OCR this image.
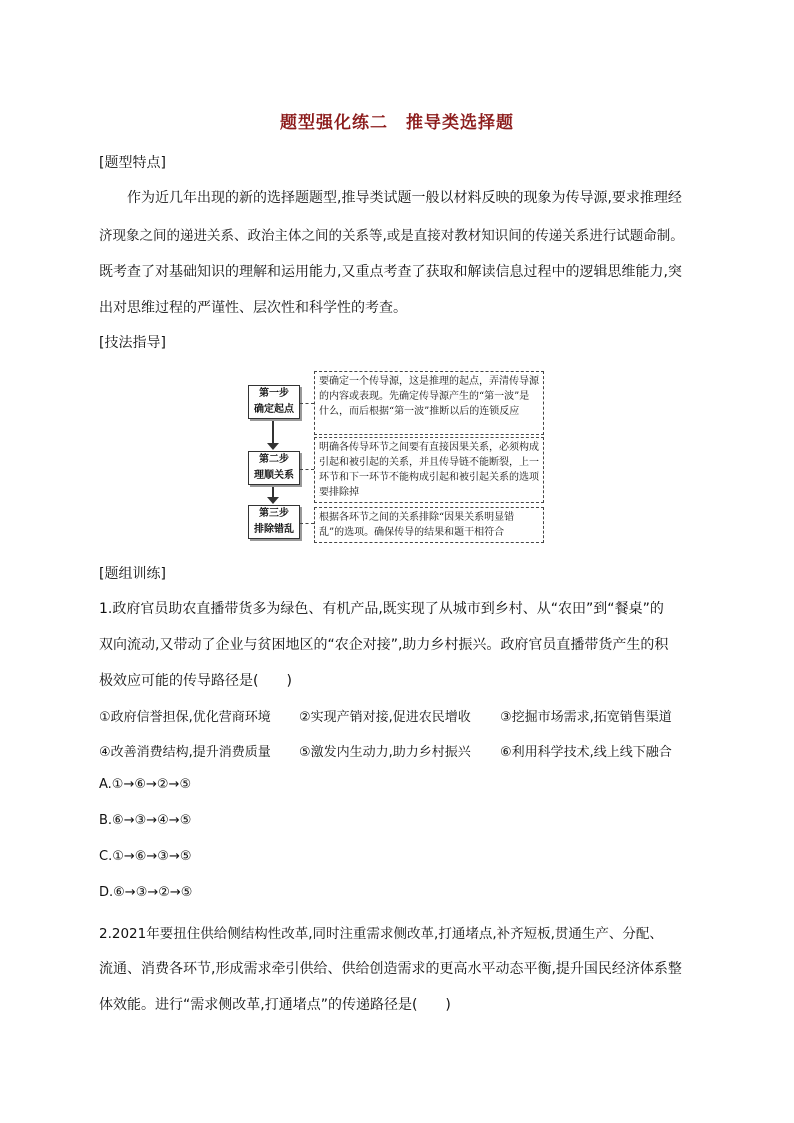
题型强化练二　推导类选择题
[题型特点]
作为近几年出现的新的选择题题型,推导类试题一般以材料反映的现象为传导源,要求推理经
济现象之间的递进关系、政治主体之间的关系等,或是直接对教材知识间的传递关系进行试题命制。
既考查了对基础知识的理解和运用能力,又重点考查了获取和解读信息过程中的逻辑思维能力,突
出对思维过程的严谨性、层次性和科学性的考查。
[技法指导]
第一步
确定起点
要确定一个传导源，这是推理的起点，弄清传导源的内容或表现。先确定传导源产生的“第一波”是什么，而后根据“第一波”推断以后的连锁反应
第二步
理顺关系
明确各传导环节之间要有直接因果关系，必须构成引起和被引起的关系，并且传导链不能断裂，上一环节和下一环节不能构成引起和被引起关系的选项要排除掉
第三步
排除错乱
根据各环节之间的关系排除“因果关系明显错乱”的选项。确保传导的结果和题干相符合
[题组训练]
1.政府官员助农直播带货多为绿色、有机产品,既实现了从城市到乡村、从“农田”到“餐桌”的
双向流动,又带动了企业与贫困地区的“农企对接”,助力乡村振兴。政府官员直播带货产生的积
极效应可能的传导路径是(　　)
①政府信誉担保,优化营商环境 ②实现产销对接,促进农民增收 ③挖掘市场需求,拓宽销售渠道
④改善消费结构,提升消费质量 ⑤激发内生动力,助力乡村振兴 ⑥利用科学技术,线上线下融合
A.①→⑥→②→⑤
B.⑥→③→④→⑤
C.①→⑥→③→⑤
D.⑥→③→②→⑤
2.2021年要扭住供给侧结构性改革,同时注重需求侧改革,打通堵点,补齐短板,贯通生产、分配、
流通、消费各环节,形成需求牵引供给、供给创造需求的更高水平动态平衡,提升国民经济体系整
体效能。进行“需求侧改革,打通堵点”的传递路径是(　　)
